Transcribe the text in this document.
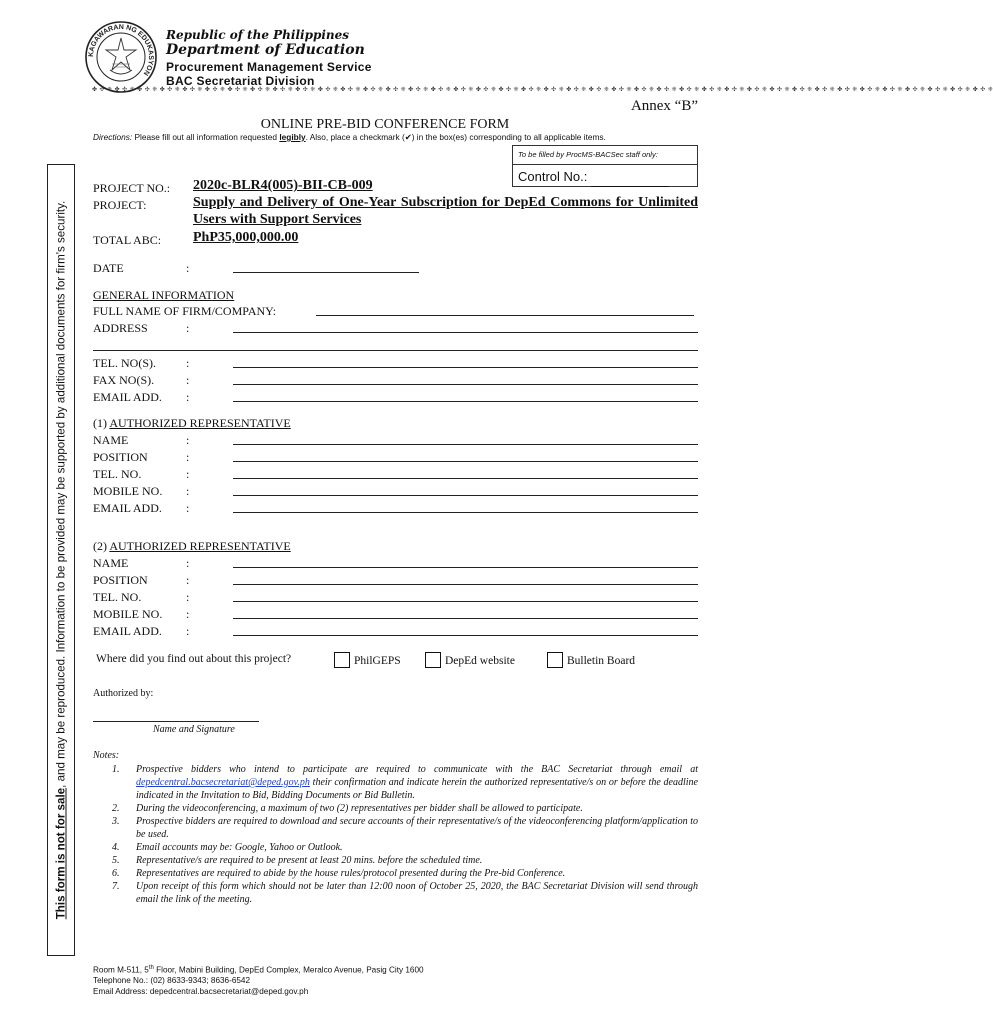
This form is not for sale, and may be reproduced. Information to be provided may be supported by additional documents for firm's security.
KAGAWARAN NG EDUKASYON
Republic of the Philippines
Department of Education
Procurement Management Service
BAC Secretariat Division
✤ ✣ ❈ ✤ ✣ ❈ ✤ ✣ ❈ ✤ ✣ ❈ ✤ ✣ ❈ ✤ ✣ ❈ ✤ ✣ ❈ ✤ ✣ ❈ ✤ ✣ ❈ ✤ ✣ ❈ ✤ ✣ ❈ ✤ ✣ ❈ ✤ ✣ ❈ ✤ ✣ ❈ ✤ ✣ ❈ ✤ ✣ ❈ ✤ ✣ ❈ ✤ ✣ ❈ ✤ ✣ ❈ ✤ ✣ ❈ ✤ ✣ ❈ ✤ ✣ ❈ ✤ ✣ ❈ ✤ ✣ ❈ ✤ ✣ ❈ ✤ ✣ ❈ ✤ ✣ ❈ ✤ ✣ ❈ ✤ ✣ ❈ ✤ ✣ ❈ ✤ ✣ ❈ ✤ ✣ ❈ ✤ ✣ ❈ ✤ ✣ ❈ ✤ ✣ ❈ ✤ ✣ ❈ ✤ ✣ ❈ ✤ ✣ ❈ ✤ ✣ ❈ ✤ ✣ ❈
Annex “B”
ONLINE PRE-BID CONFERENCE FORM
Directions: Please fill out all information requested legibly. Also, place a checkmark (✔) in the box(es) corresponding to all applicable items.
To be filled by ProcMS-BACSec staff only:
Control No.:
PROJECT NO.: 2020c-BLR4(005)-BII-CB-009
PROJECT:	Supply and Delivery of One-Year Subscription for DepEd Commons for Unlimited Users with Support Services
TOTAL ABC: PhP35,000,000.00
DATE	:
GENERAL INFORMATION
FULL NAME OF FIRM/COMPANY:
ADDRESS	:
TEL. NO(S).	:
FAX NO(S).	:
EMAIL ADD. :
(1) AUTHORIZED REPRESENTATIVE
NAME	:
POSITION	:
TEL. NO.	:
MOBILE NO. :
EMAIL ADD. :
(2) AUTHORIZED REPRESENTATIVE
NAME	:
POSITION	:
TEL. NO.	:
MOBILE NO. :
EMAIL ADD. :
Where did you find out about this project?	PhilGEPS	DepEd website	Bulletin Board
Authorized by:
Name and Signature
Notes:
1. Prospective bidders who intend to participate are required to communicate with the BAC Secretariat through email at depedcentral.bacsecretariat@deped.gov.ph their confirmation and indicate herein the authorized representative/s on or before the deadline indicated in the Invitation to Bid, Bidding Documents or Bid Bulletin.
2. During the videoconferencing, a maximum of two (2) representatives per bidder shall be allowed to participate.
3. Prospective bidders are required to download and secure accounts of their representative/s of the videoconferencing platform/application to be used.
4. Email accounts may be: Google, Yahoo or Outlook.
5. Representative/s are required to be present at least 20 mins. before the scheduled time.
6. Representatives are required to abide by the house rules/protocol presented during the Pre-bid Conference.
7. Upon receipt of this form which should not be later than 12:00 noon of October 25, 2020, the BAC Secretariat Division will send through email the link of the meeting.
Room M-511, 5th Floor, Mabini Building, DepEd Complex, Meralco Avenue, Pasig City 1600
Telephone No.: (02) 8633-9343; 8636-6542
Email Address: depedcentral.bacsecretariat@deped.gov.ph
